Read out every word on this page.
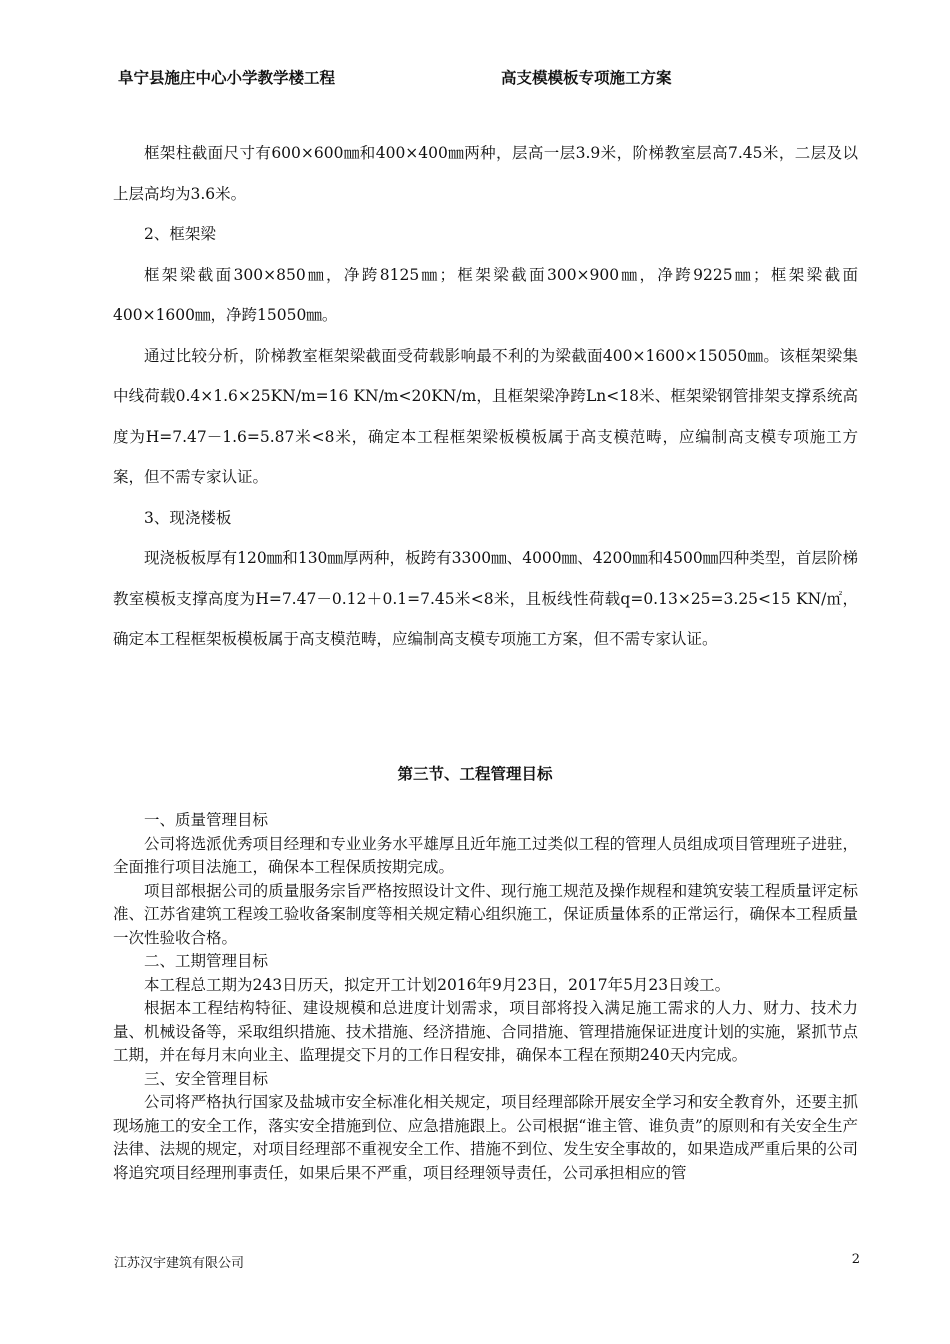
阜宁县施庄中心小学教学楼工程	高支模模板专项施工方案

框架柱截面尺寸有600×600㎜和400×400㎜两种，层高一层3.9米，阶梯教室层高7.45米，二层及以上层高均为3.6米。

2、框架梁

框架梁截面300×850㎜，净跨8125㎜；框架梁截面300×900㎜，净跨9225㎜；框架梁截面400×1600㎜，净跨15050㎜。

通过比较分析，阶梯教室框架梁截面受荷载影响最不利的为梁截面400×1600×15050㎜。该框架梁集中线荷载0.4×1.6×25KN/m=16 KN/m<20KN/m，且框架梁净跨Ln<18米、框架梁钢管排架支撑系统高度为H=7.47－1.6=5.87米<8米，确定本工程框架梁板模板属于高支模范畴，应编制高支模专项施工方案，但不需专家认证。

3、现浇楼板

现浇板板厚有120㎜和130㎜厚两种，板跨有3300㎜、4000㎜、4200㎜和4500㎜四种类型，首层阶梯教室模板支撑高度为H=7.47－0.12＋0.1=7.45米<8米，且板线性荷载q=0.13×25=3.25<15 KN/㎡，确定本工程框架板模板属于高支模范畴，应编制高支模专项施工方案，但不需专家认证。

第三节、工程管理目标

一、质量管理目标

公司将选派优秀项目经理和专业业务水平雄厚且近年施工过类似工程的管理人员组成项目管理班子进驻，全面推行项目法施工，确保本工程保质按期完成。

项目部根据公司的质量服务宗旨严格按照设计文件、现行施工规范及操作规程和建筑安装工程质量评定标准、江苏省建筑工程竣工验收备案制度等相关规定精心组织施工，保证质量体系的正常运行，确保本工程质量一次性验收合格。

二、工期管理目标

本工程总工期为243日历天，拟定开工计划2016年9月23日，2017年5月23日竣工。

根据本工程结构特征、建设规模和总进度计划需求，项目部将投入满足施工需求的人力、财力、技术力量、机械设备等，采取组织措施、技术措施、经济措施、合同措施、管理措施保证进度计划的实施，紧抓节点工期，并在每月末向业主、监理提交下月的工作日程安排，确保本工程在预期240天内完成。

三、安全管理目标

公司将严格执行国家及盐城市安全标准化相关规定，项目经理部除开展安全学习和安全教育外，还要主抓现场施工的安全工作，落实安全措施到位、应急措施跟上。公司根据“谁主管、谁负责”的原则和有关安全生产法律、法规的规定，对项目经理部不重视安全工作、措施不到位、发生安全事故的，如果造成严重后果的公司将追究项目经理刑事责任，如果后果不严重，项目经理领导责任，公司承担相应的管

江苏汉宇建筑有限公司	2
